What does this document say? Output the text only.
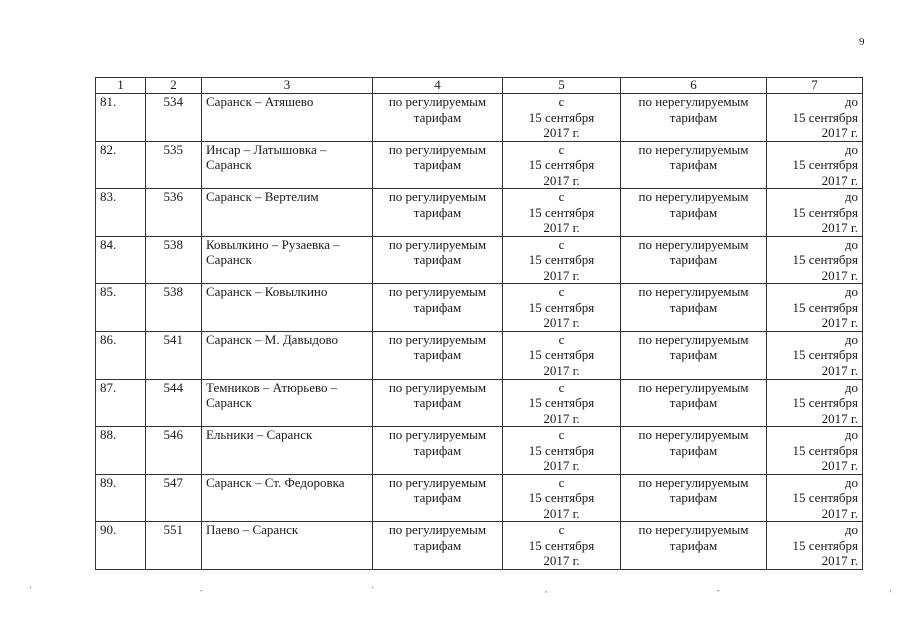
9
1	2	3	4	5	6	7
81.	534	Саранск – Атяшево	по регулируемым
тарифам	с
15 сентября
2017 г.	по нерегулируемым
тарифам	до
15 сентября
2017 г.

82.	535	Инсар – Латышовка – Саранск	по регулируемым
тарифам	с
15 сентября
2017 г.	по нерегулируемым
тарифам	до
15 сентября
2017 г.

83.	536	Саранск – Вертелим	по регулируемым
тарифам	с
15 сентября
2017 г.	по нерегулируемым
тарифам	до
15 сентября
2017 г.

84.	538	Ковылкино – Рузаевка – Саранск	по регулируемым
тарифам	с
15 сентября
2017 г.	по нерегулируемым
тарифам	до
15 сентября
2017 г.

85.	538	Саранск – Ковылкино	по регулируемым
тарифам	с
15 сентября
2017 г.	по нерегулируемым
тарифам	до
15 сентября
2017 г.

86.	541	Саранск – М. Давыдово	по регулируемым
тарифам	с
15 сентября
2017 г.	по нерегулируемым
тарифам	до
15 сентября
2017 г.

87.	544	Темников – Атюрьево – Саранск	по регулируемым
тарифам	с
15 сентября
2017 г.	по нерегулируемым
тарифам	до
15 сентября
2017 г.

88.	546	Ельники – Саранск	по регулируемым
тарифам	с
15 сентября
2017 г.	по нерегулируемым
тарифам	до
15 сентября
2017 г.

89.	547	Саранск – Ст. Федоровка	по регулируемым
тарифам	с
15 сентября
2017 г.	по нерегулируемым
тарифам	до
15 сентября
2017 г.

90.	551	Паево – Саранск	по регулируемым
тарифам	с
15 сентября
2017 г.	по нерегулируемым
тарифам	до
15 сентября
2017 г.
'	-	'	,	-	'
